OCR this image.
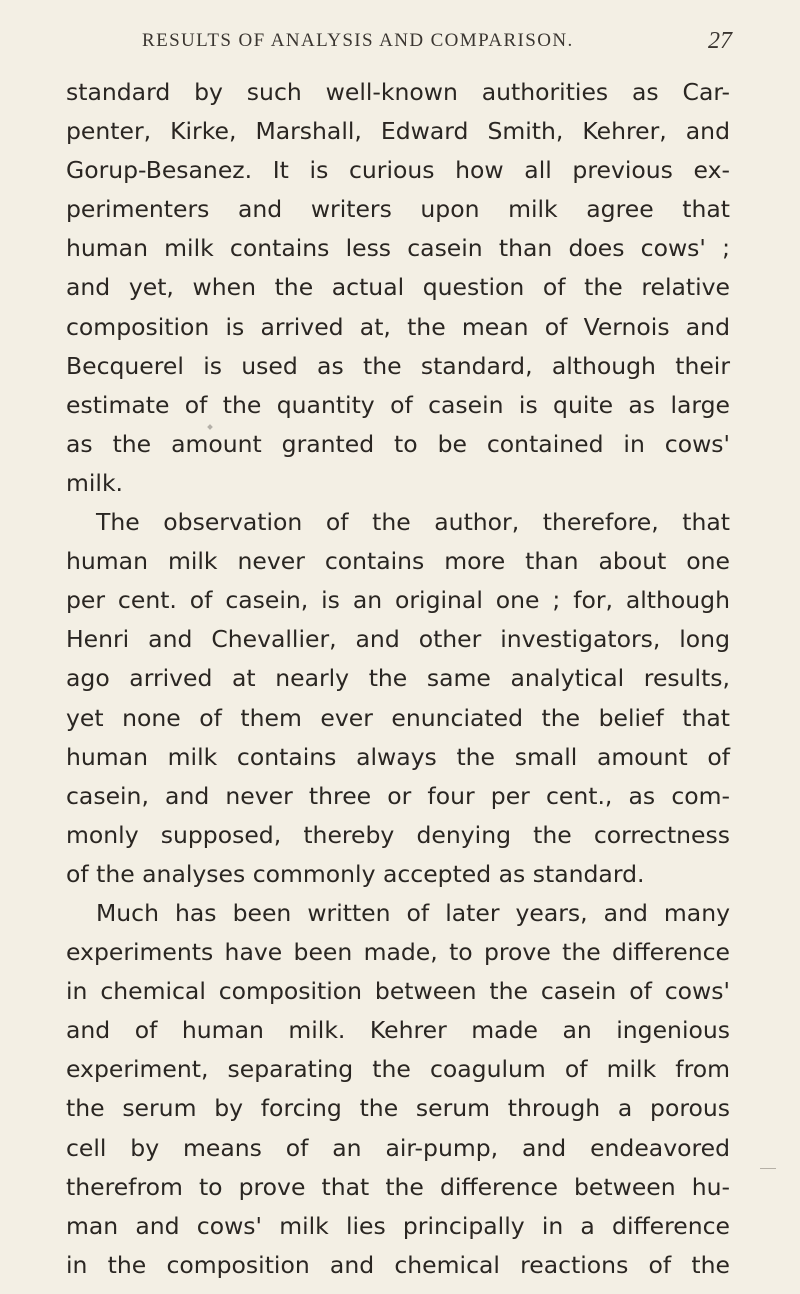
RESULTS OF ANALYSIS AND COMPARISON.	27
standard by such well-known authorities as Car-
penter, Kirke, Marshall, Edward Smith, Kehrer, and
Gorup-Besanez. It is curious how all previous ex-
perimenters and writers upon milk agree that
human milk contains less casein than does cows' ;
and yet, when the actual question of the relative
composition is arrived at, the mean of Vernois and
Becquerel is used as the standard, although their
estimate of the quantity of casein is quite as large
as the amount granted to be contained in cows'
milk.
The observation of the author, therefore, that
human milk never contains more than about one
per cent. of casein, is an original one ; for, although
Henri and Chevallier, and other investigators, long
ago arrived at nearly the same analytical results,
yet none of them ever enunciated the belief that
human milk contains always the small amount of
casein, and never three or four per cent., as com-
monly supposed, thereby denying the correctness
of the analyses commonly accepted as standard.
Much has been written of later years, and many
experiments have been made, to prove the difference
in chemical composition between the casein of cows'
and of human milk. Kehrer made an ingenious
experiment, separating the coagulum of milk from
the serum by forcing the serum through a porous
cell by means of an air-pump, and endeavored
therefrom to prove that the difference between hu-
man and cows' milk lies principally in a difference
in the composition and chemical reactions of the
